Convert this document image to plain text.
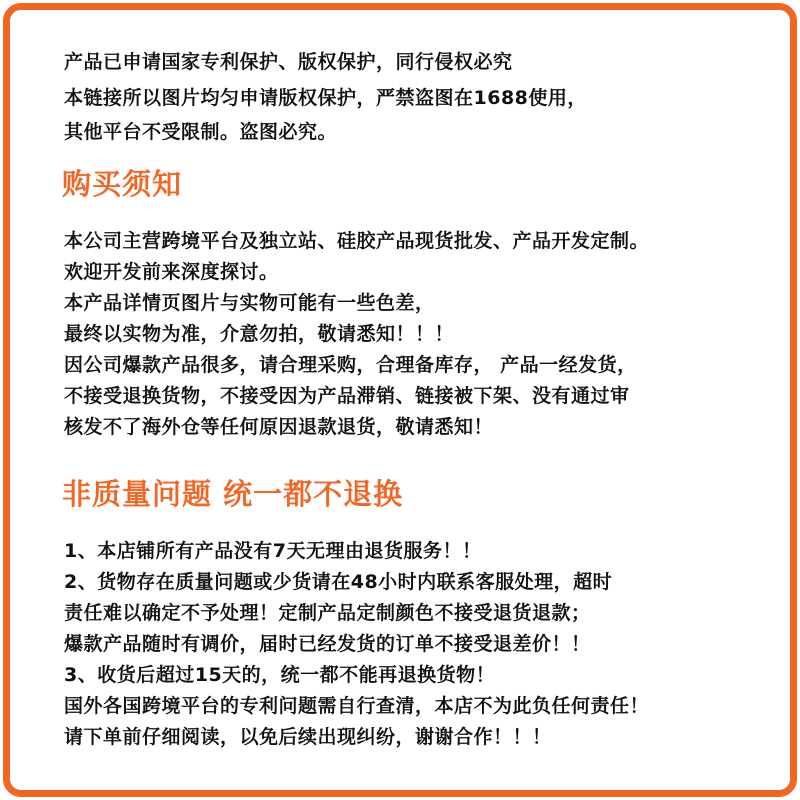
产品已申请国家专利保护、版权保护，同行侵权必究
本链接所以图片均匀申请版权保护，严禁盗图在1688使用，
其他平台不受限制。盗图必究。
购买须知
本公司主营跨境平台及独立站、硅胶产品现货批发、产品开发定制。
欢迎开发前来深度探讨。
本产品详情页图片与实物可能有一些色差，
最终以实物为准，介意勿拍，敬请悉知！！！
因公司爆款产品很多，请合理采购，合理备库存， 产品一经发货，
不接受退换货物，不接受因为产品滞销、链接被下架、没有通过审
核发不了海外仓等任何原因退款退货，敬请悉知！
非质量问题 统一都不退换
1、本店铺所有产品没有7天无理由退货服务！！
2、货物存在质量问题或少货请在48小时内联系客服处理，超时
责任难以确定不予处理！定制产品定制颜色不接受退货退款；
爆款产品随时有调价，届时已经发货的订单不接受退差价！！
3、收货后超过15天的，统一都不能再退换货物！
国外各国跨境平台的专利问题需自行查清，本店不为此负任何责任！
请下单前仔细阅读，以免后续出现纠纷，谢谢合作！！！
